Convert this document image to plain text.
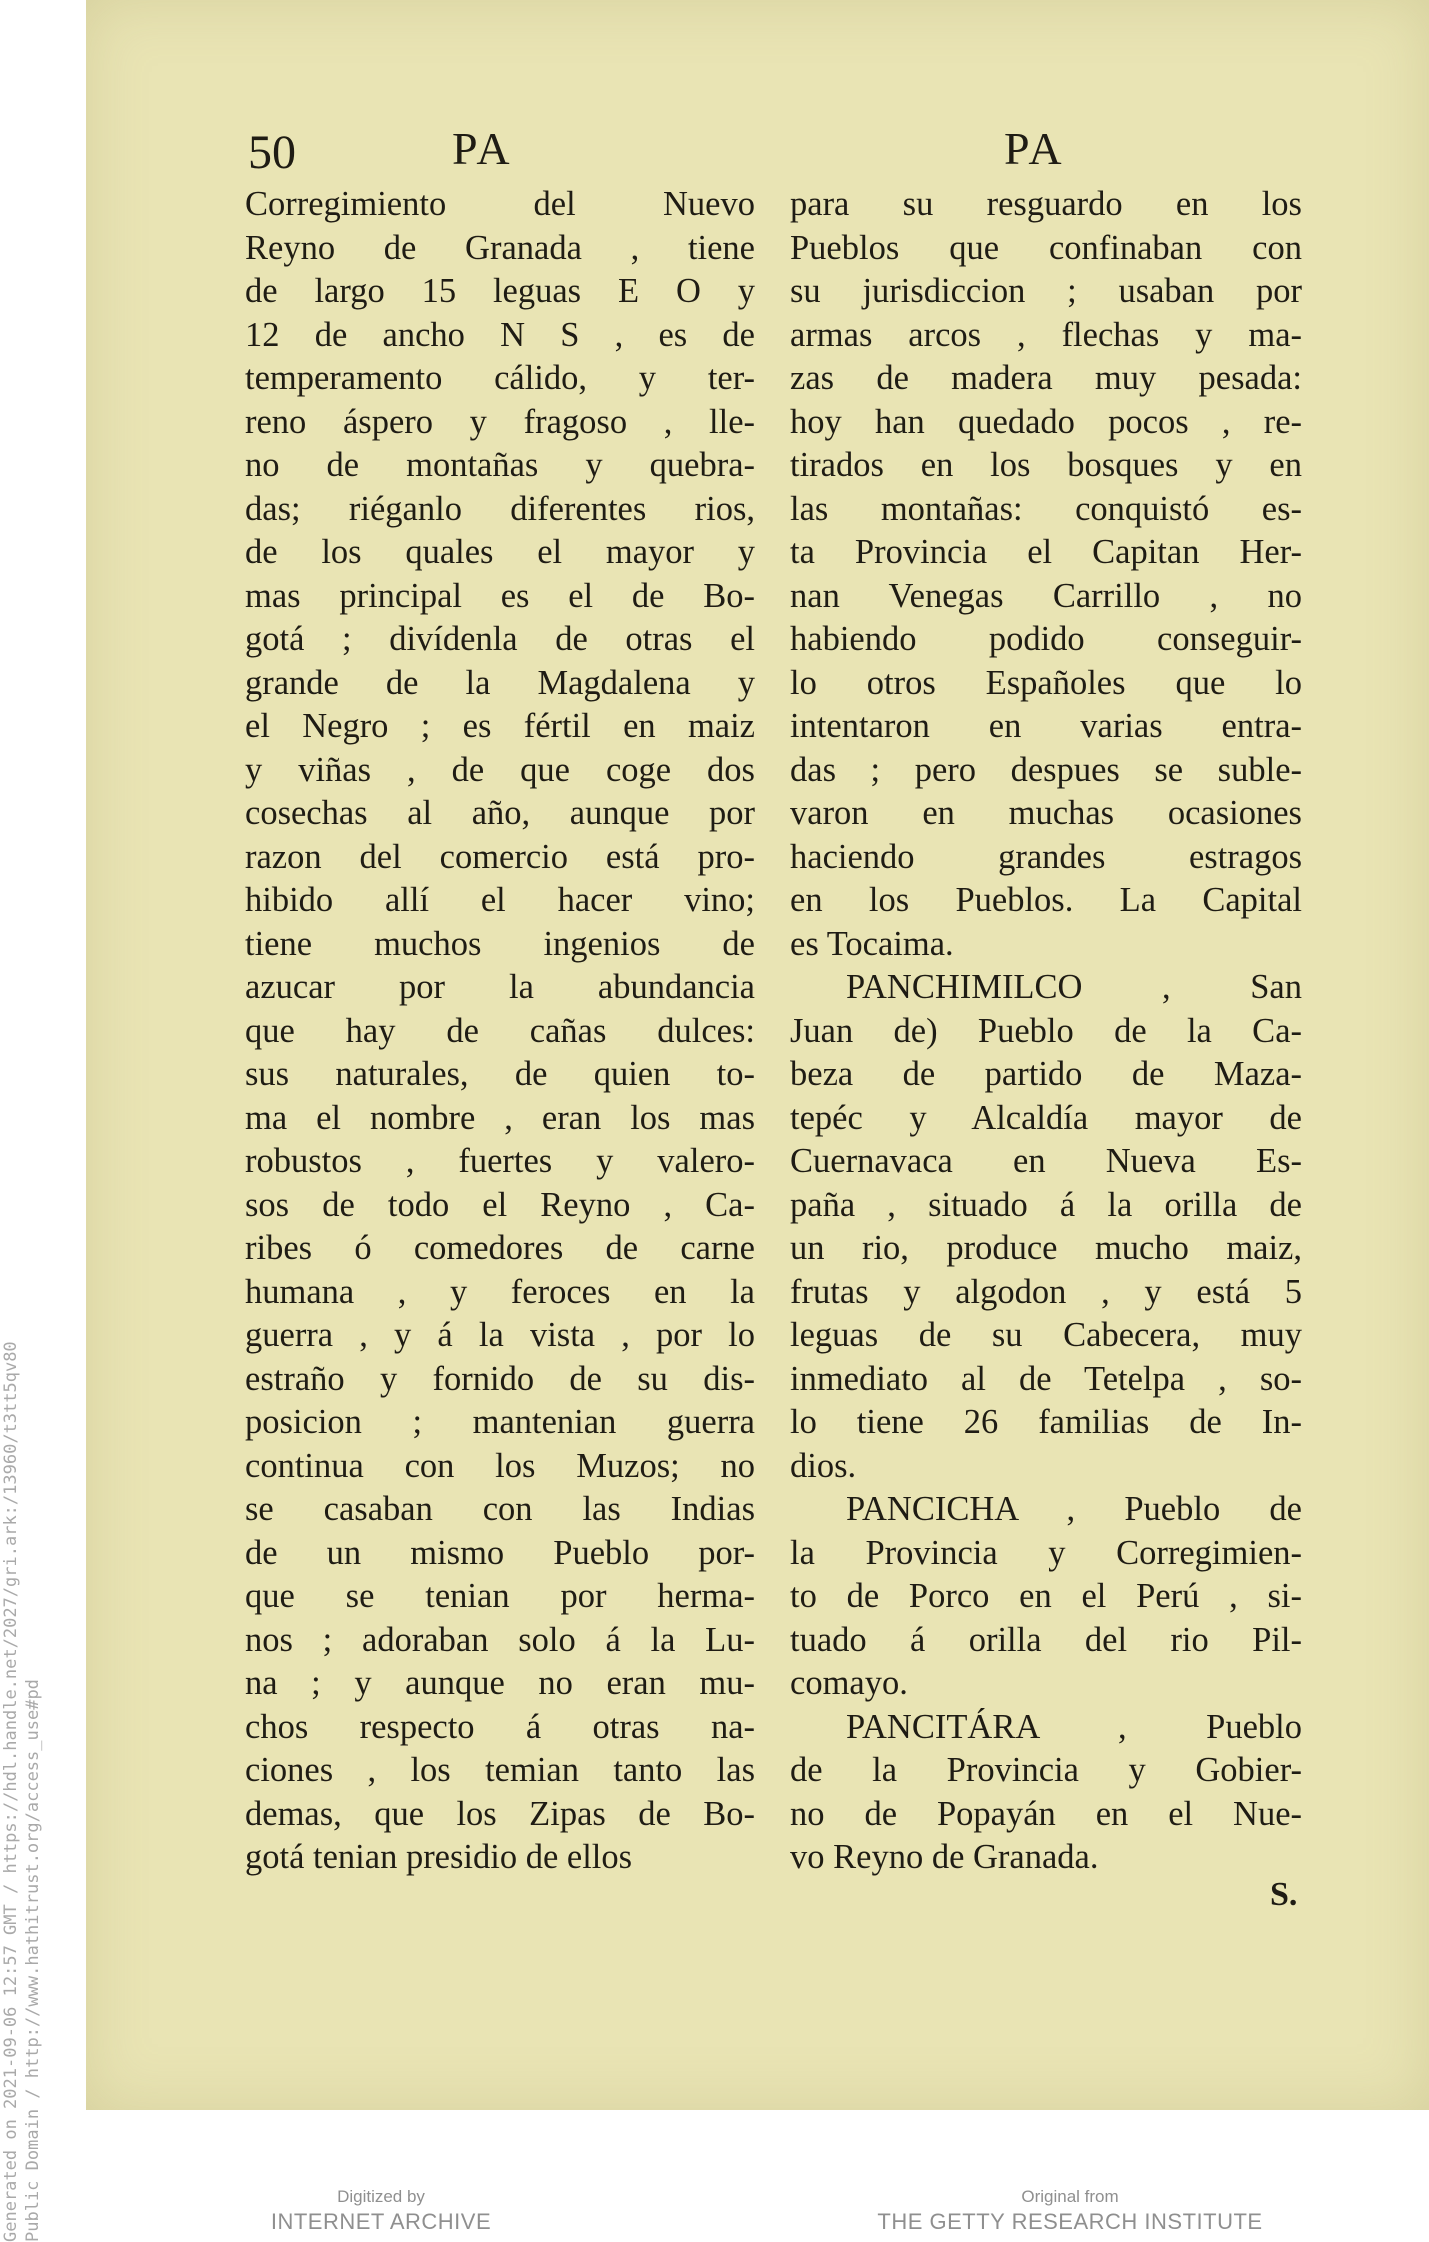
Generated on 2021-09-06 12:57 GMT / https://hdl.handle.net/2027/gri.ark:/13960/t3tt5qv80 Public Domain / http://www.hathitrust.org/access_use#pd
50	PA	PA
Corregimiento del Nuevo
Reyno de Granada , tiene
de largo 15 leguas E O y
12 de ancho N S , es de
temperamento cálido, y ter-
reno áspero y fragoso , lle-
no de montañas y quebra-
das; riéganlo diferentes rios,
de los quales el mayor y
mas principal es el de Bo-
gotá ; divídenla de otras el
grande de la Magdalena y
el Negro ; es fértil en maiz
y viñas , de que coge dos
cosechas al año, aunque por
razon del comercio está pro-
hibido allí el hacer vino;
tiene muchos ingenios de
azucar por la abundancia
que hay de cañas dulces:
sus naturales, de quien to-
ma el nombre , eran los mas
robustos , fuertes y valero-
sos de todo el Reyno , Ca-
ribes ó comedores de carne
humana , y feroces en la
guerra , y á la vista , por lo
estraño y fornido de su dis-
posicion ; mantenian guerra
continua con los Muzos; no
se casaban con las Indias
de un mismo Pueblo por-
que se tenian por herma-
nos ; adoraban solo á la Lu-
na ; y aunque no eran mu-
chos respecto á otras na-
ciones , los temian tanto las
demas, que los Zipas de Bo-
gotá tenian presidio de ellos
para su resguardo en los
Pueblos que confinaban con
su jurisdiccion ; usaban por
armas arcos , flechas y ma-
zas de madera muy pesada:
hoy han quedado pocos , re-
tirados en los bosques y en
las montañas: conquistó es-
ta Provincia el Capitan Her-
nan Venegas Carrillo , no
habiendo podido conseguir-
lo otros Españoles que lo
intentaron en varias entra-
das ; pero despues se suble-
varon en muchas ocasiones
haciendo grandes estragos
en los Pueblos. La Capital
es Tocaima.
PANCHIMILCO , San
Juan de) Pueblo de la Ca-
beza de partido de Maza-
tepéc y Alcaldía mayor de
Cuernavaca en Nueva Es-
paña , situado á la orilla de
un rio, produce mucho maiz,
frutas y algodon , y está 5
leguas de su Cabecera, muy
inmediato al de Tetelpa , so-
lo tiene 26 familias de In-
dios.
PANCICHA , Pueblo de
la Provincia y Corregimien-
to de Porco en el Perú , si-
tuado á orilla del rio Pil-
comayo.
PANCITÁRA , Pueblo
de la Provincia y Gobier-
no de Popayán en el Nue-
vo Reyno de Granada.
S.
Digitized by
INTERNET ARCHIVE
Original from
THE GETTY RESEARCH INSTITUTE
